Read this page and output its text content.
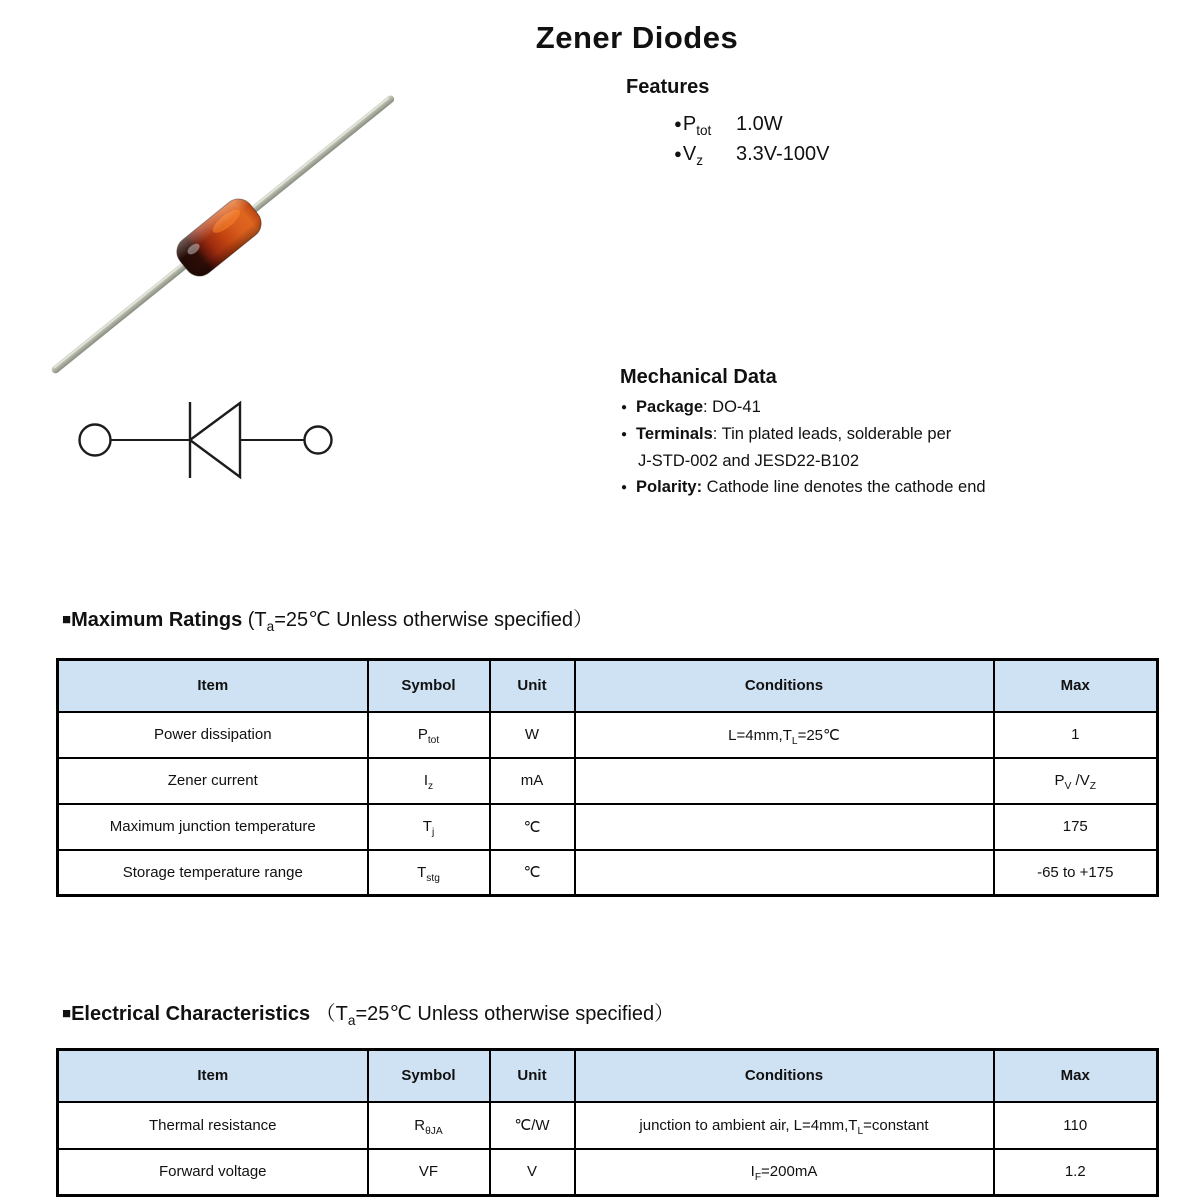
Zener Diodes
Features
$●P_{tot}$	1.0W
$●V_z$	3.3V-100V
Mechanical Data
● Package: DO-41
● Terminals: Tin plated leads, solderable per
J-STD-002 and JESD22-B102
● Polarity: Cathode line denotes the cathode end
■Maximum Ratings ($T_a=25℃$ Unless otherwise specified）
Item	Symbol	Unit	Conditions	Max
Power dissipation	$P_{tot}$	W	$L=4mm,T_L=25℃$	1
Zener current	$I_z$	mA		$P_V$ $/V_Z$
Maximum junction temperature	$T_j$	℃		175
Storage temperature range	$T_{stg}$	℃		-65 to +175
■Electrical Characteristics （$T_a=25℃$ Unless otherwise specified）
Item	Symbol	Unit	Conditions	Max
Thermal resistance	$R_{\theta JA}$	℃/W	junction to ambient air, $L=4mm,T_L=constant$	110
Forward voltage	VF	V	$I_F=200mA$	1.2
